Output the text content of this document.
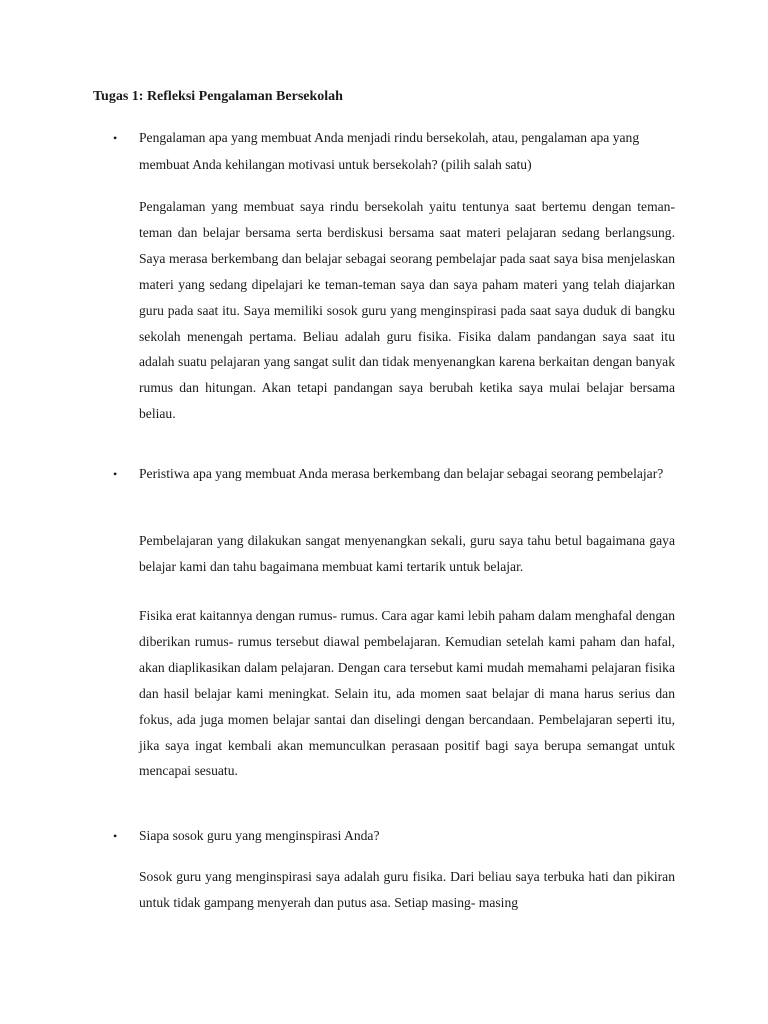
Tugas 1: Refleksi Pengalaman Bersekolah
•	Pengalaman apa yang membuat Anda menjadi rindu bersekolah, atau, pengalaman apa yang membuat Anda kehilangan motivasi untuk bersekolah? (pilih salah satu)

Pengalaman yang membuat saya rindu bersekolah yaitu tentunya saat bertemu dengan teman-teman dan belajar bersama serta berdiskusi bersama saat materi pelajaran sedang berlangsung. Saya merasa berkembang dan belajar sebagai seorang pembelajar pada saat saya bisa menjelaskan materi yang sedang dipelajari ke teman-teman saya dan saya paham materi yang telah diajarkan guru pada saat itu. Saya memiliki sosok guru yang menginspirasi pada saat saya duduk di bangku sekolah menengah pertama. Beliau adalah guru fisika. Fisika dalam pandangan saya saat itu adalah suatu pelajaran yang sangat sulit dan tidak menyenangkan karena berkaitan dengan banyak rumus dan hitungan. Akan tetapi pandangan saya berubah ketika saya mulai belajar bersama beliau.

•	Peristiwa apa yang membuat Anda merasa berkembang dan belajar sebagai seorang pembelajar?

Pembelajaran yang dilakukan sangat menyenangkan sekali, guru saya tahu betul bagaimana gaya belajar kami dan tahu bagaimana membuat kami tertarik untuk belajar.

Fisika erat kaitannya dengan rumus- rumus. Cara agar kami lebih paham dalam menghafal dengan diberikan rumus- rumus tersebut diawal pembelajaran. Kemudian setelah kami paham dan hafal, akan diaplikasikan dalam pelajaran. Dengan cara tersebut kami mudah memahami pelajaran fisika dan hasil belajar kami meningkat. Selain itu, ada momen saat belajar di mana harus serius dan fokus, ada juga momen belajar santai dan diselingi dengan bercandaan. Pembelajaran seperti itu, jika saya ingat kembali akan memunculkan perasaan positif bagi saya berupa semangat untuk mencapai sesuatu.

•	Siapa sosok guru yang menginspirasi Anda?

Sosok guru yang menginspirasi saya adalah guru fisika. Dari beliau saya terbuka hati dan pikiran untuk tidak gampang menyerah dan putus asa. Setiap masing- masing
